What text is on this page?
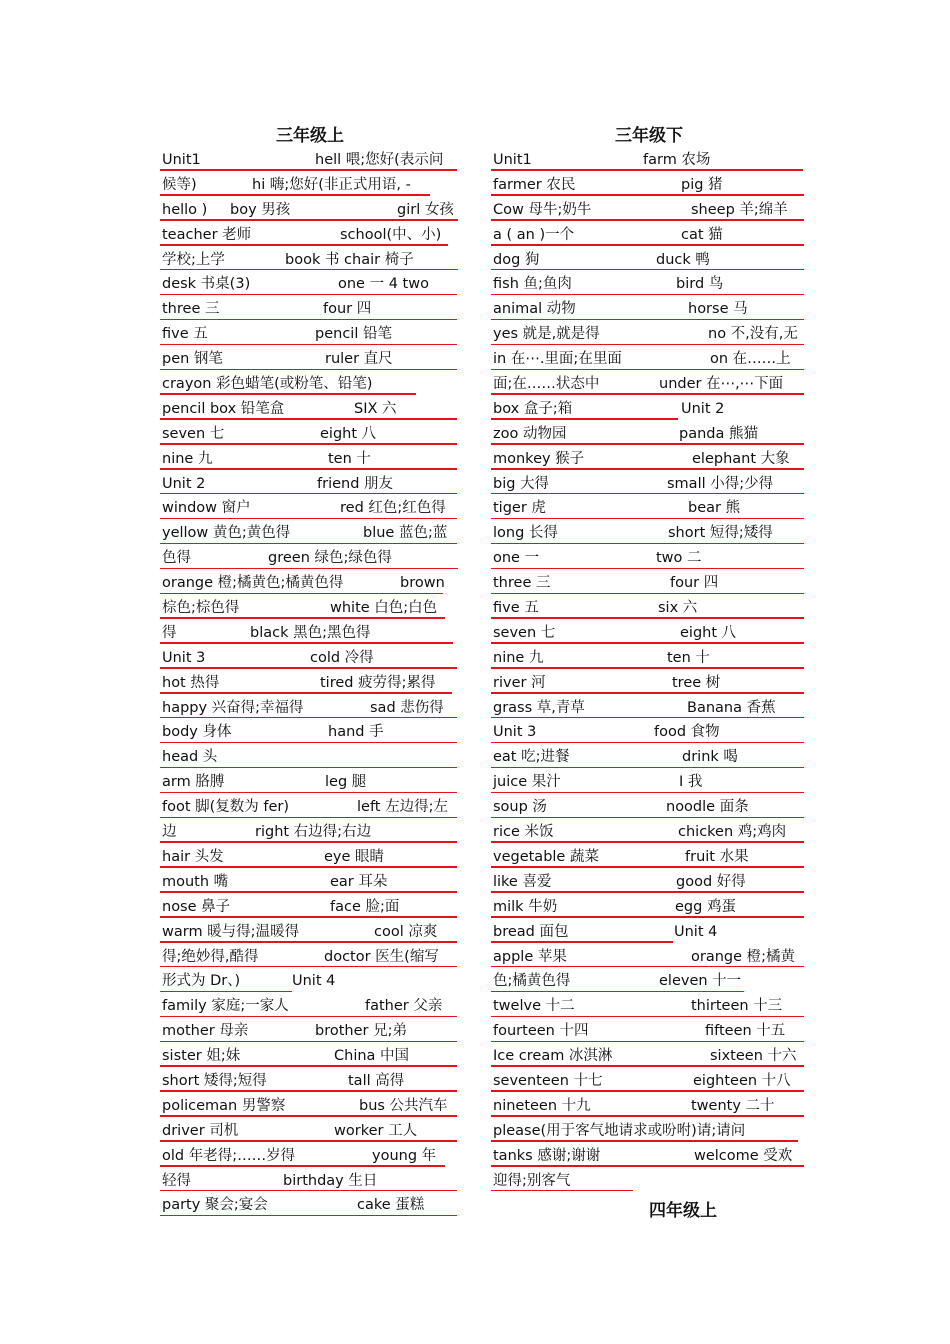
三年级上
Unit1	hell 喂;您好(表示问
候等)	hi 嗨;您好(非正式用语, -
hello ) boy 男孩	girl 女孩
teacher 老师	school(中、小)
学校;上学	book 书 chair 椅子
desk 书桌(3)	one 一 4 two
three 三	four 四
five 五	pencil 铅笔
pen 钢笔	ruler 直尺
crayon 彩色蜡笔(或粉笔、铅笔)
pencil box 铅笔盒	SIX 六
seven 七	eight 八
nine 九	ten 十
Unit 2	friend 朋友
window 窗户	red 红色;红色得
yellow 黄色;黄色得	blue 蓝色;蓝
色得	green 绿色;绿色得
orange 橙;橘黄色;橘黄色得	brown
棕色;棕色得	white 白色;白色
得	black 黑色;黑色得
Unit 3	cold 冷得
hot 热得	tired 疲劳得;累得
happy 兴奋得;幸福得	sad 悲伤得
body 身体	hand 手
head 头
arm 胳膊	leg 腿
foot 脚(复数为 fer)	left 左边得;左
边	right 右边得;右边
hair 头发	eye 眼睛
mouth 嘴	ear 耳朵
nose 鼻子	face 脸;面
warm 暖与得;温暖得	cool 凉爽
得;绝妙得,酷得	doctor 医生(缩写
形式为 Dr、)	Unit 4
family 家庭;一家人	father 父亲
mother 母亲	brother 兄;弟
sister 姐;妹	China 中国
short 矮得;短得	tall 高得
policeman 男警察	bus 公共汽车
driver 司机	worker 工人
old 年老得;……岁得	young 年
轻得	birthday 生日
party 聚会;宴会	cake 蛋糕
三年级下
Unit1	farm 农场
farmer 农民	pig 猪
Cow 母牛;奶牛	sheep 羊;绵羊
a ( an )一个	cat 猫
dog 狗	duck 鸭
fish 鱼;鱼肉	bird 鸟
animal 动物	horse 马
yes 就是,就是得	no 不,没有,无
in 在⋯.里面;在里面	on 在……上
面;在……状态中	under 在⋯,⋯下面
box 盒子;箱	Unit 2
zoo 动物园	panda 熊猫
monkey 猴子	elephant 大象
big 大得	small 小得;少得
tiger 虎	bear 熊
long 长得	short 短得;矮得
one 一	two 二
three 三	four 四
five 五	six 六
seven 七	eight 八
nine 九	ten 十
river 河	tree 树
grass 草,青草	Banana 香蕉
Unit 3	food 食物
eat 吃;进餐	drink 喝
juice 果汁	I 我
soup 汤	noodle 面条
rice 米饭	chicken 鸡;鸡肉
vegetable 蔬菜	fruit 水果
like 喜爱	good 好得
milk 牛奶	egg 鸡蛋
bread 面包	Unit 4
apple 苹果	orange 橙;橘黄
色;橘黄色得	eleven 十一
twelve 十二	thirteen 十三
fourteen 十四	fifteen 十五
Ice cream 冰淇淋	sixteen 十六
seventeen 十七	eighteen 十八
nineteen 十九	twenty 二十
please(用于客气地请求或吩咐)请;请问
tanks 感谢;谢谢	welcome 受欢
迎得;别客气
四年级上
